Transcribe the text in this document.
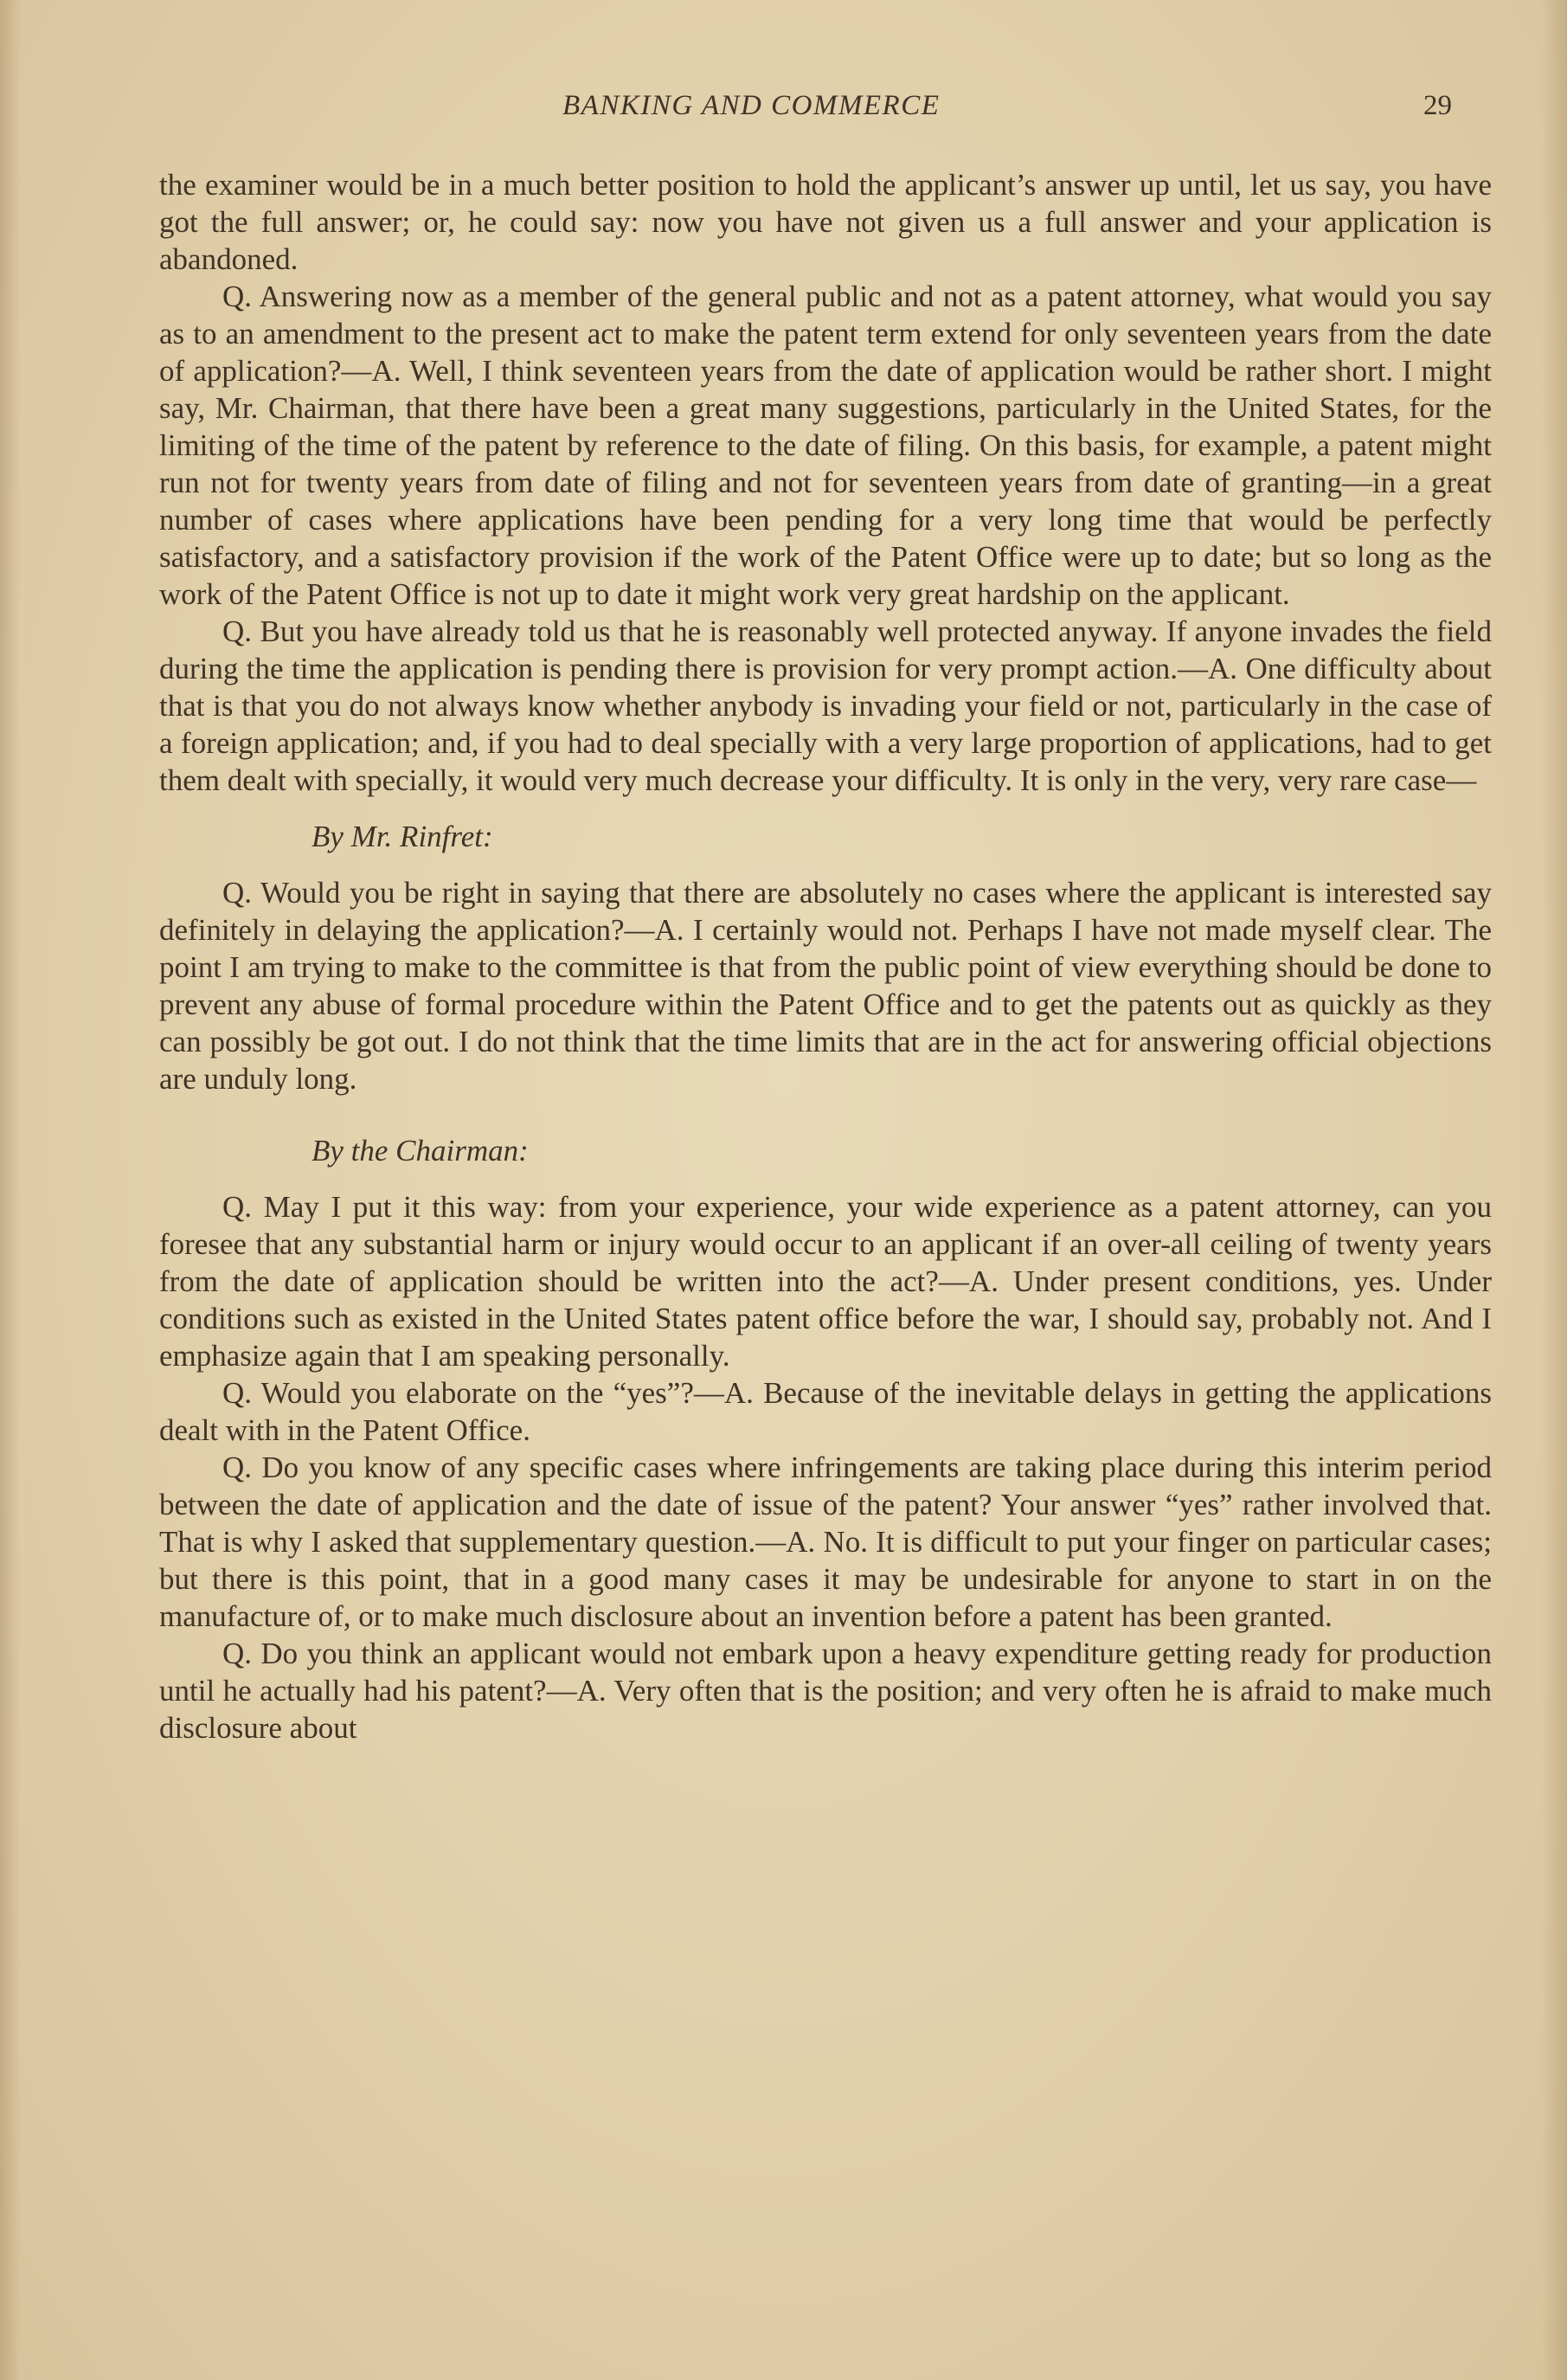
BANKING AND COMMERCE	29

the examiner would be in a much better position to hold the applicant’s answer up until, let us say, you have got the full answer; or, he could say: now you have not given us a full answer and your application is abandoned.

Q. Answering now as a member of the general public and not as a patent attorney, what would you say as to an amendment to the present act to make the patent term extend for only seventeen years from the date of application?—A. Well, I think seventeen years from the date of application would be rather short. I might say, Mr. Chairman, that there have been a great many suggestions, particularly in the United States, for the limiting of the time of the patent by reference to the date of filing. On this basis, for example, a patent might run not for twenty years from date of filing and not for seventeen years from date of granting—in a great number of cases where applications have been pending for a very long time that would be perfectly satisfactory, and a satisfactory provision if the work of the Patent Office were up to date; but so long as the work of the Patent Office is not up to date it might work very great hardship on the applicant.

Q. But you have already told us that he is reasonably well protected anyway. If anyone invades the field during the time the application is pending there is provision for very prompt action.—A. One difficulty about that is that you do not always know whether anybody is invading your field or not, particularly in the case of a foreign application; and, if you had to deal specially with a very large proportion of applications, had to get them dealt with specially, it would very much decrease your difficulty. It is only in the very, very rare case—

By Mr. Rinfret:

Q. Would you be right in saying that there are absolutely no cases where the applicant is interested say definitely in delaying the application?—A. I certainly would not. Perhaps I have not made myself clear. The point I am trying to make to the committee is that from the public point of view everything should be done to prevent any abuse of formal procedure within the Patent Office and to get the patents out as quickly as they can possibly be got out. I do not think that the time limits that are in the act for answering official objections are unduly long.

By the Chairman:

Q. May I put it this way: from your experience, your wide experience as a patent attorney, can you foresee that any substantial harm or injury would occur to an applicant if an over-all ceiling of twenty years from the date of application should be written into the act?—A. Under present conditions, yes. Under conditions such as existed in the United States patent office before the war, I should say, probably not. And I emphasize again that I am speaking personally.

Q. Would you elaborate on the “yes”?—A. Because of the inevitable delays in getting the applications dealt with in the Patent Office.

Q. Do you know of any specific cases where infringements are taking place during this interim period between the date of application and the date of issue of the patent? Your answer “yes” rather involved that. That is why I asked that supplementary question.—A. No. It is difficult to put your finger on particular cases; but there is this point, that in a good many cases it may be undesirable for anyone to start in on the manufacture of, or to make much disclosure about an invention before a patent has been granted.

Q. Do you think an applicant would not embark upon a heavy expenditure getting ready for production until he actually had his patent?—A. Very often that is the position; and very often he is afraid to make much disclosure about
